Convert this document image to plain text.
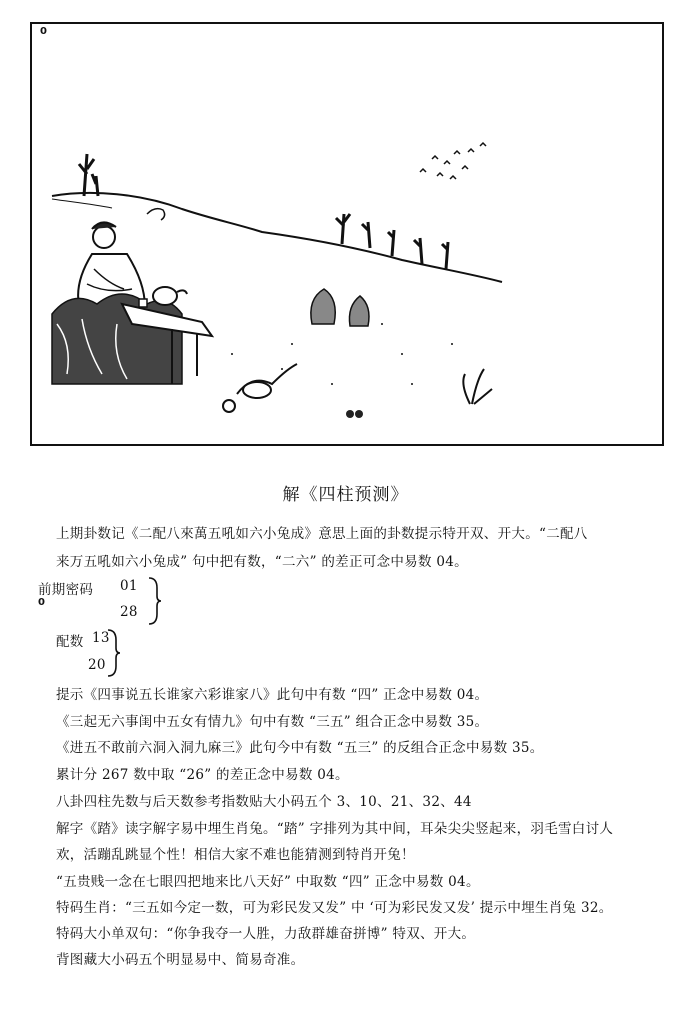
0
解《四柱预测》
上期卦数记《二配八來萬五吼如六小兔成》意思上面的卦数提示特开双、开大。“二配八
来万五吼如六小兔成” 句中把有数，“二六” 的差正可念中易数 04。
前期密码
0
01
28
配数 13
20
提示《四事说五长谁家六彩谁家八》此句中有数 “四” 正念中易数 04。
《三起无六事闺中五女有情九》句中有数 “三五” 组合正念中易数 35。
《进五不敢前六洞入洞九麻三》此句今中有数 “五三” 的反组合正念中易数 35。
累计分 267 数中取 “26” 的差正念中易数 04。
八卦四柱先数与后天数参考指数贴大小码五个 3、10、21、32、44
解字《踏》读字解字易中埋生肖兔。“踏” 字排列为其中间，耳朵尖尖竖起来，羽毛雪白讨人
欢，活蹦乱跳显个性！相信大家不难也能猜测到特肖开兔！
“五贵贱一念在七眼四把地来比八天好” 中取数 “四” 正念中易数 04。
特码生肖：“三五如今定一数，可为彩民发又发” 中 ‘可为彩民发又发’ 提示中埋生肖兔 32。
特码大小单双句：“你争我夺一人胜，力敌群雄奋拼博” 特双、开大。
背图藏大小码五个明显易中、简易奇准。
